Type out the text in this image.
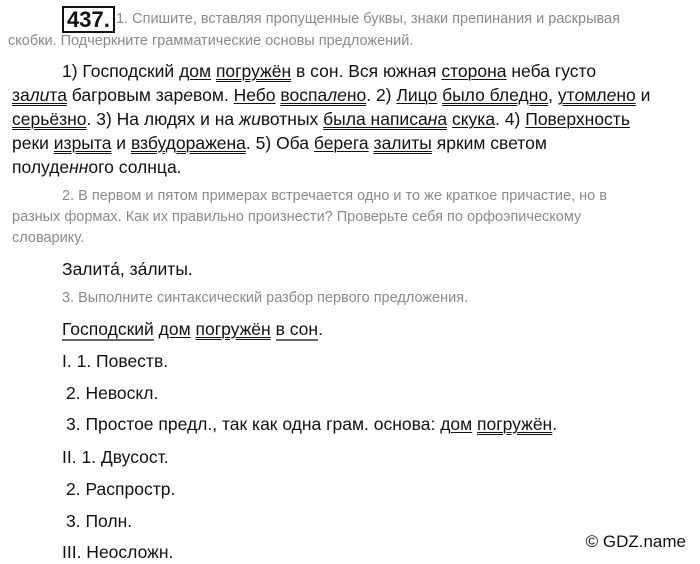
437. 1. Спишите, вставляя пропущенные буквы, знаки препинания и раскрывая
скобки. Подчеркните грамматические основы предложений.
1) Господский дом погружён в сон. Вся южная сторона неба густо
залита багровым заревом. Небо воспалено. 2) Лицо было бледно, утомлено и
серьёзно. 3) На людях и на животных была написана скука. 4) Поверхность
реки изрыта и взбудоражена. 5) Оба берега залиты ярким светом
полуденного солнца.
2. В первом и пятом примерах встречается одно и то же краткое причастие, но в
разных формах. Как их правильно произнести? Проверьте себя по орфоэпическому
словарику.
Залита́, за́литы.
3. Выполните синтаксический разбор первого предложения.
Господский дом погружён в сон.
I. 1. Повеств.
2. Невоскл.
3. Простое предл., так как одна грам. основа: дом погружён.
II. 1. Двусост.
2. Распростр.
3. Полн.
III. Неосложн.
© GDZ.name
